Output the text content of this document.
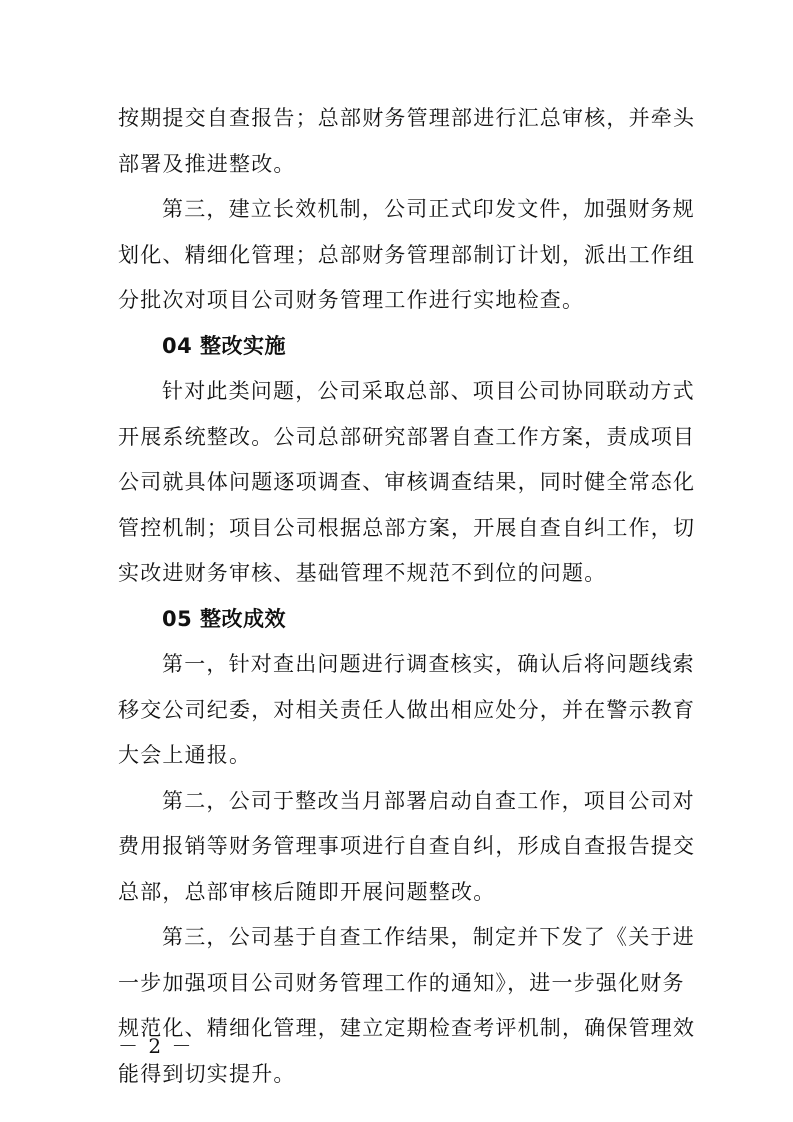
按期提交自查报告；总部财务管理部进行汇总审核，并牵头
部署及推进整改。
第三，建立长效机制，公司正式印发文件，加强财务规
划化、精细化管理；总部财务管理部制订计划，派出工作组
分批次对项目公司财务管理工作进行实地检查。
04 整改实施
针对此类问题，公司采取总部、项目公司协同联动方式
开展系统整改。公司总部研究部署自查工作方案，责成项目
公司就具体问题逐项调查、审核调查结果，同时健全常态化
管控机制；项目公司根据总部方案，开展自查自纠工作，切
实改进财务审核、基础管理不规范不到位的问题。
05 整改成效
第一，针对查出问题进行调查核实，确认后将问题线索
移交公司纪委，对相关责任人做出相应处分，并在警示教育
大会上通报。
第二，公司于整改当月部署启动自查工作，项目公司对
费用报销等财务管理事项进行自查自纠，形成自查报告提交
总部，总部审核后随即开展问题整改。
第三，公司基于自查工作结果，制定并下发了《关于进
一步加强项目公司财务管理工作的通知》，进一步强化财务
规范化、精细化管理，建立定期检查考评机制，确保管理效
能得到切实提升。
－ 2 －
